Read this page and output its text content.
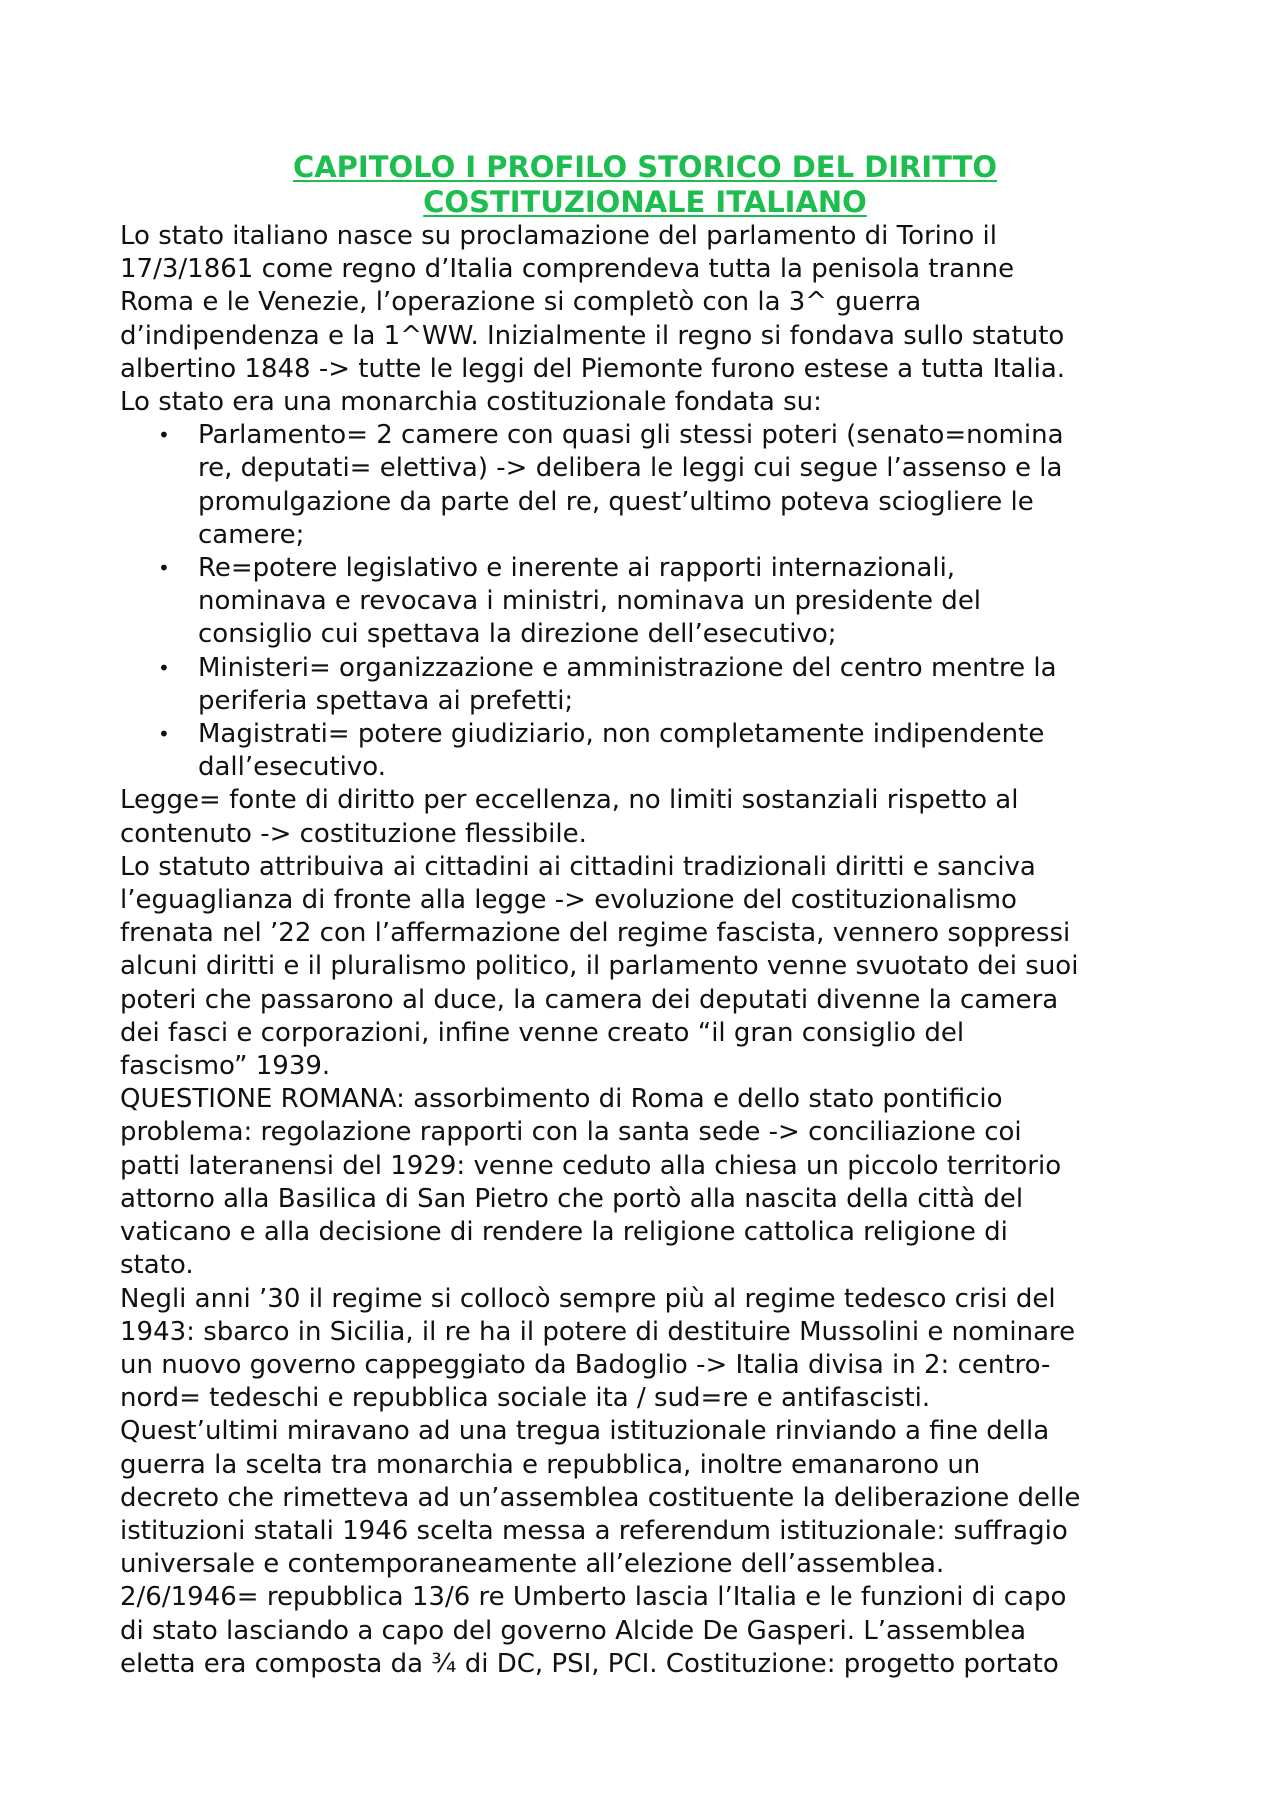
CAPITOLO I PROFILO STORICO DEL DIRITTO
COSTITUZIONALE ITALIANO
Lo stato italiano nasce su proclamazione del parlamento di Torino il
17/3/1861 come regno d’Italia comprendeva tutta la penisola tranne
Roma e le Venezie, l’operazione si completò con la 3^ guerra
d’indipendenza e la 1^WW. Inizialmente il regno si fondava sullo statuto
albertino 1848 -> tutte le leggi del Piemonte furono estese a tutta Italia.
Lo stato era una monarchia costituzionale fondata su:
• Parlamento= 2 camere con quasi gli stessi poteri (senato=nomina
re, deputati= elettiva) -> delibera le leggi cui segue l’assenso e la
promulgazione da parte del re, quest’ultimo poteva sciogliere le
camere;
• Re=potere legislativo e inerente ai rapporti internazionali,
nominava e revocava i ministri, nominava un presidente del
consiglio cui spettava la direzione dell’esecutivo;
• Ministeri= organizzazione e amministrazione del centro mentre la
periferia spettava ai prefetti;
• Magistrati= potere giudiziario, non completamente indipendente
dall’esecutivo.
Legge= fonte di diritto per eccellenza, no limiti sostanziali rispetto al
contenuto -> costituzione flessibile.
Lo statuto attribuiva ai cittadini ai cittadini tradizionali diritti e sanciva
l’eguaglianza di fronte alla legge -> evoluzione del costituzionalismo
frenata nel ’22 con l’affermazione del regime fascista, vennero soppressi
alcuni diritti e il pluralismo politico, il parlamento venne svuotato dei suoi
poteri che passarono al duce, la camera dei deputati divenne la camera
dei fasci e corporazioni, infine venne creato “il gran consiglio del
fascismo” 1939.
QUESTIONE ROMANA: assorbimento di Roma e dello stato pontificio
problema: regolazione rapporti con la santa sede -> conciliazione coi
patti lateranensi del 1929: venne ceduto alla chiesa un piccolo territorio
attorno alla Basilica di San Pietro che portò alla nascita della città del
vaticano e alla decisione di rendere la religione cattolica religione di
stato.
Negli anni ’30 il regime si collocò sempre più al regime tedesco crisi del
1943: sbarco in Sicilia, il re ha il potere di destituire Mussolini e nominare
un nuovo governo cappeggiato da Badoglio -> Italia divisa in 2: centro-
nord= tedeschi e repubblica sociale ita / sud=re e antifascisti.
Quest’ultimi miravano ad una tregua istituzionale rinviando a fine della
guerra la scelta tra monarchia e repubblica, inoltre emanarono un
decreto che rimetteva ad un’assemblea costituente la deliberazione delle
istituzioni statali 1946 scelta messa a referendum istituzionale: suffragio
universale e contemporaneamente all’elezione dell’assemblea.
2/6/1946= repubblica 13/6 re Umberto lascia l’Italia e le funzioni di capo
di stato lasciando a capo del governo Alcide De Gasperi. L’assemblea
eletta era composta da ¾ di DC, PSI, PCI. Costituzione: progetto portato
